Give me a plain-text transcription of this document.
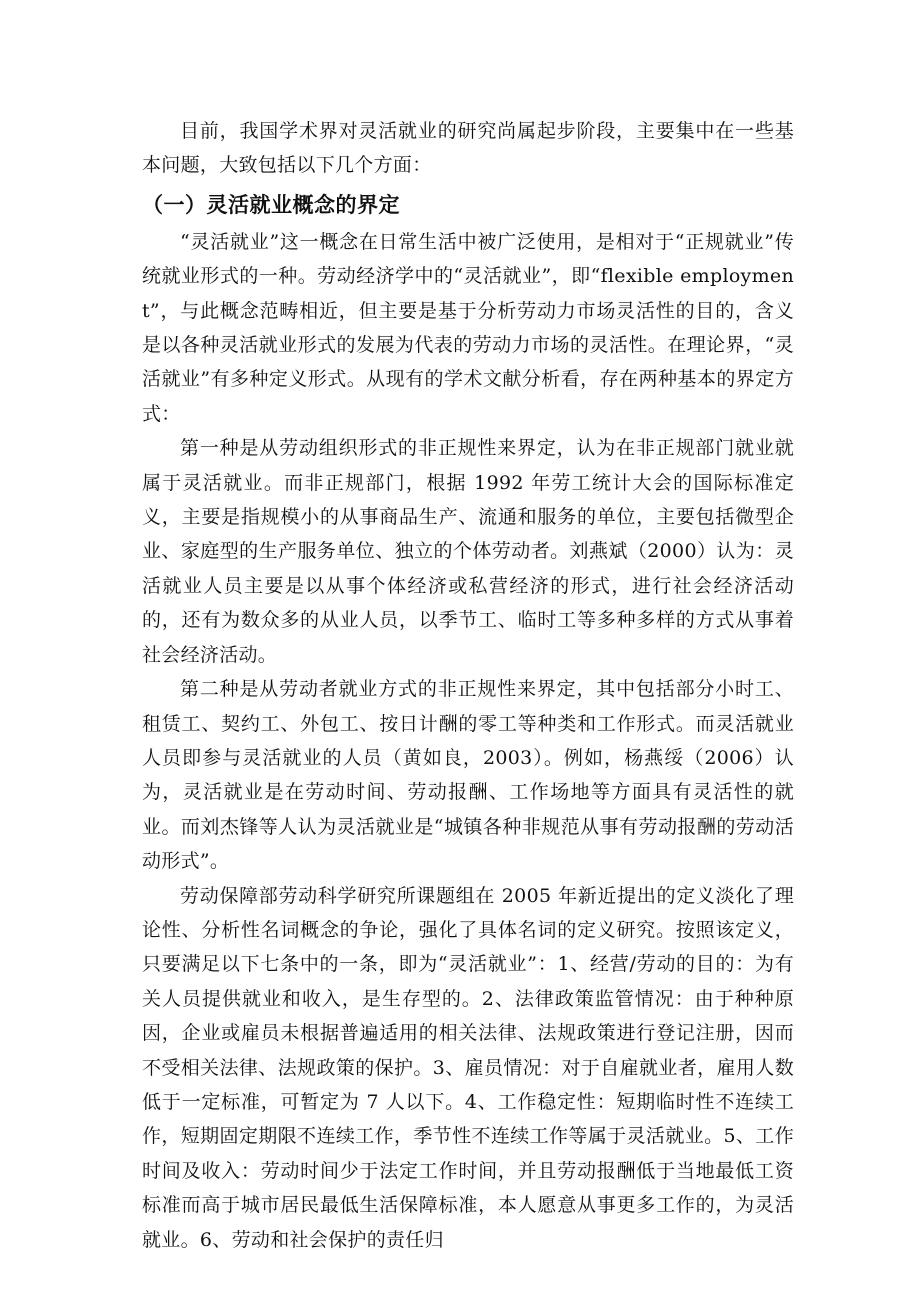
目前，我国学术界对灵活就业的研究尚属起步阶段，主要集中在一些基本问题，大致包括以下几个方面：

（一）灵活就业概念的界定

“灵活就业”这一概念在日常生活中被广泛使用，是相对于“正规就业”传统就业形式的一种。劳动经济学中的“灵活就业”，即“flexible employment”，与此概念范畴相近，但主要是基于分析劳动力市场灵活性的目的，含义是以各种灵活就业形式的发展为代表的劳动力市场的灵活性。在理论界，“灵活就业”有多种定义形式。从现有的学术文献分析看，存在两种基本的界定方式：

第一种是从劳动组织形式的非正规性来界定，认为在非正规部门就业就属于灵活就业。而非正规部门，根据 1992 年劳工统计大会的国际标准定义，主要是指规模小的从事商品生产、流通和服务的单位，主要包括微型企业、家庭型的生产服务单位、独立的个体劳动者。刘燕斌（2000）认为：灵活就业人员主要是以从事个体经济或私营经济的形式，进行社会经济活动的，还有为数众多的从业人员，以季节工、临时工等多种多样的方式从事着社会经济活动。

第二种是从劳动者就业方式的非正规性来界定，其中包括部分小时工、租赁工、契约工、外包工、按日计酬的零工等种类和工作形式。而灵活就业人员即参与灵活就业的人员（黄如良，2003）。例如，杨燕绥（2006）认为，灵活就业是在劳动时间、劳动报酬、工作场地等方面具有灵活性的就业。而刘杰锋等人认为灵活就业是“城镇各种非规范从事有劳动报酬的劳动活动形式”。

劳动保障部劳动科学研究所课题组在 2005 年新近提出的定义淡化了理论性、分析性名词概念的争论，强化了具体名词的定义研究。按照该定义，只要满足以下七条中的一条，即为“灵活就业”：1、经营/劳动的目的：为有关人员提供就业和收入，是生存型的。2、法律政策监管情况：由于种种原因，企业或雇员未根据普遍适用的相关法律、法规政策进行登记注册，因而不受相关法律、法规政策的保护。3、雇员情况：对于自雇就业者，雇用人数低于一定标准，可暂定为 7 人以下。4、工作稳定性：短期临时性不连续工作，短期固定期限不连续工作，季节性不连续工作等属于灵活就业。5、工作时间及收入：劳动时间少于法定工作时间，并且劳动报酬低于当地最低工资标准而高于城市居民最低生活保障标准，本人愿意从事更多工作的，为灵活就业。6、劳动和社会保护的责任归
